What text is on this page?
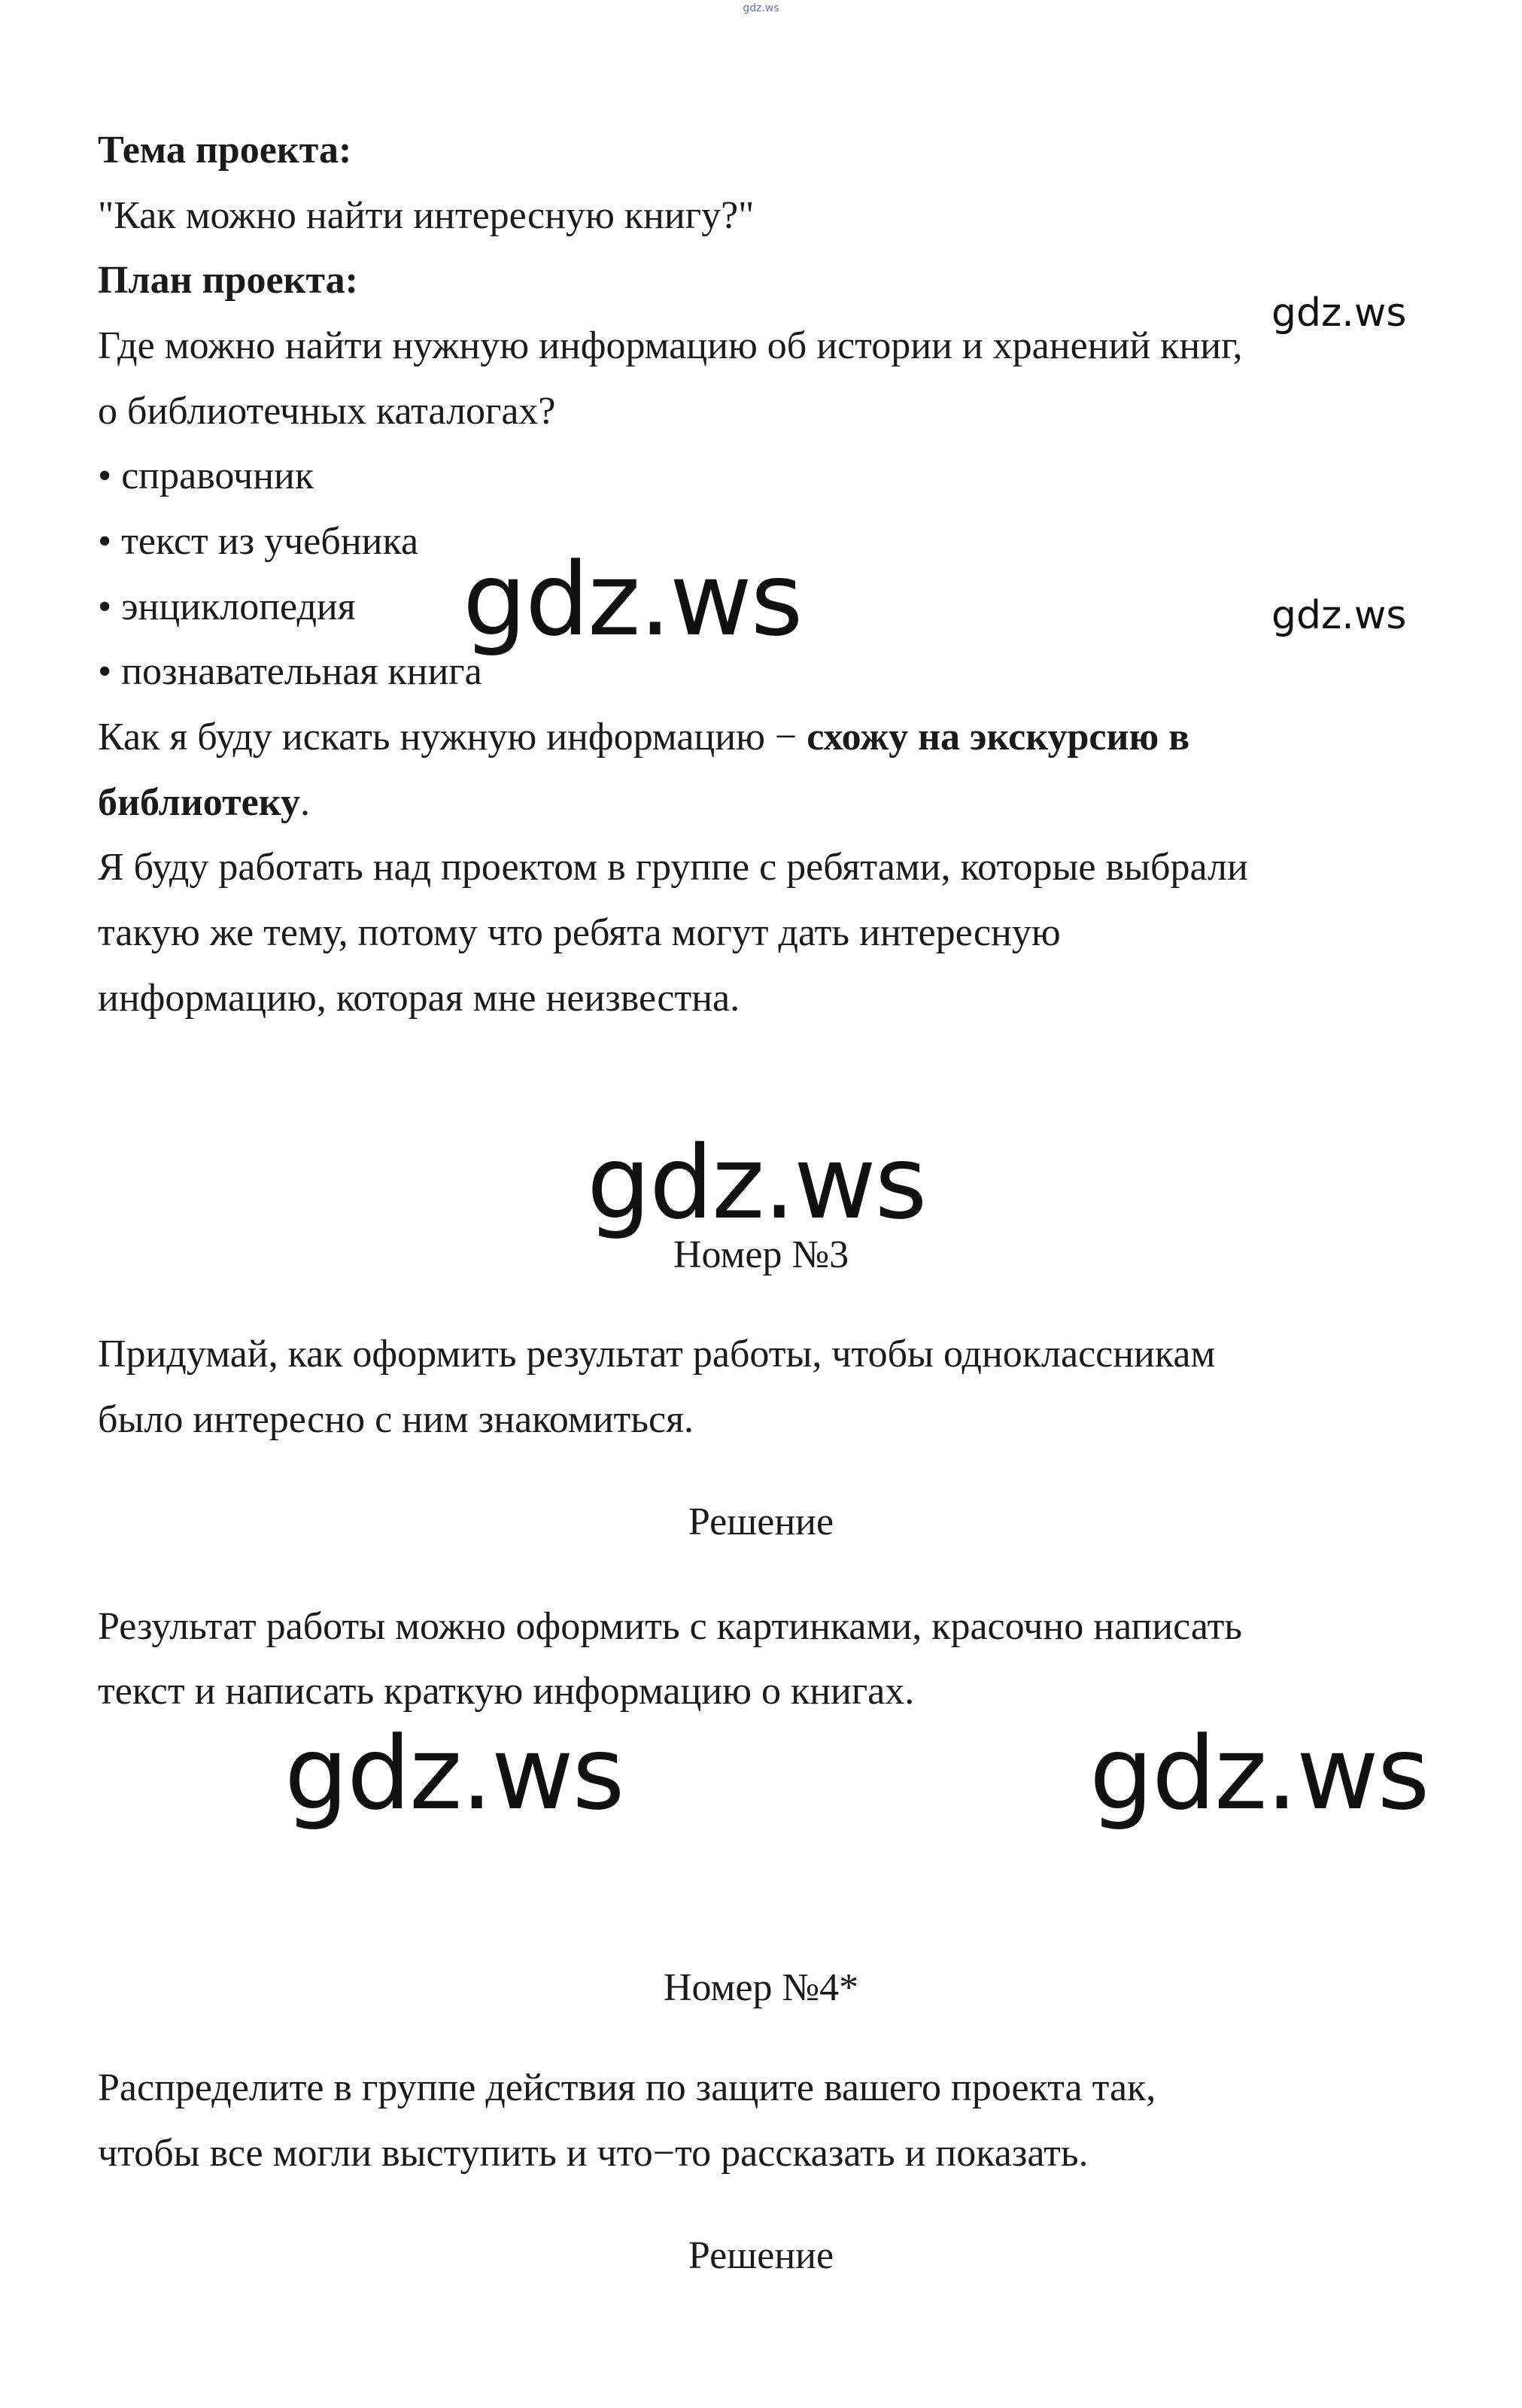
gdz.ws
Тема проекта:
"Как можно найти интересную книгу?"
План проекта:
Где можно найти нужную информацию об истории и хранений книг,
о библиотечных каталогах?
• справочник
• текст из учебника
• энциклопедия
• познавательная книга
Как я буду искать нужную информацию − схожу на экскурсию в
библиотеку.
Я буду работать над проектом в группе с ребятами, которые выбрали
такую же тему, потому что ребята могут дать интересную
информацию, которая мне неизвестна.
Номер №3
Придумай, как оформить результат работы, чтобы одноклассникам
было интересно с ним знакомиться.
Решение
Результат работы можно оформить с картинками, красочно написать
текст и написать краткую информацию о книгах.
Номер №4*
Распределите в группе действия по защите вашего проекта так,
чтобы все могли выступить и что−то рассказать и показать.
Решение
gdz.ws
gdz.ws
gdz.ws
gdz.ws
gdz.ws	gdz.ws
